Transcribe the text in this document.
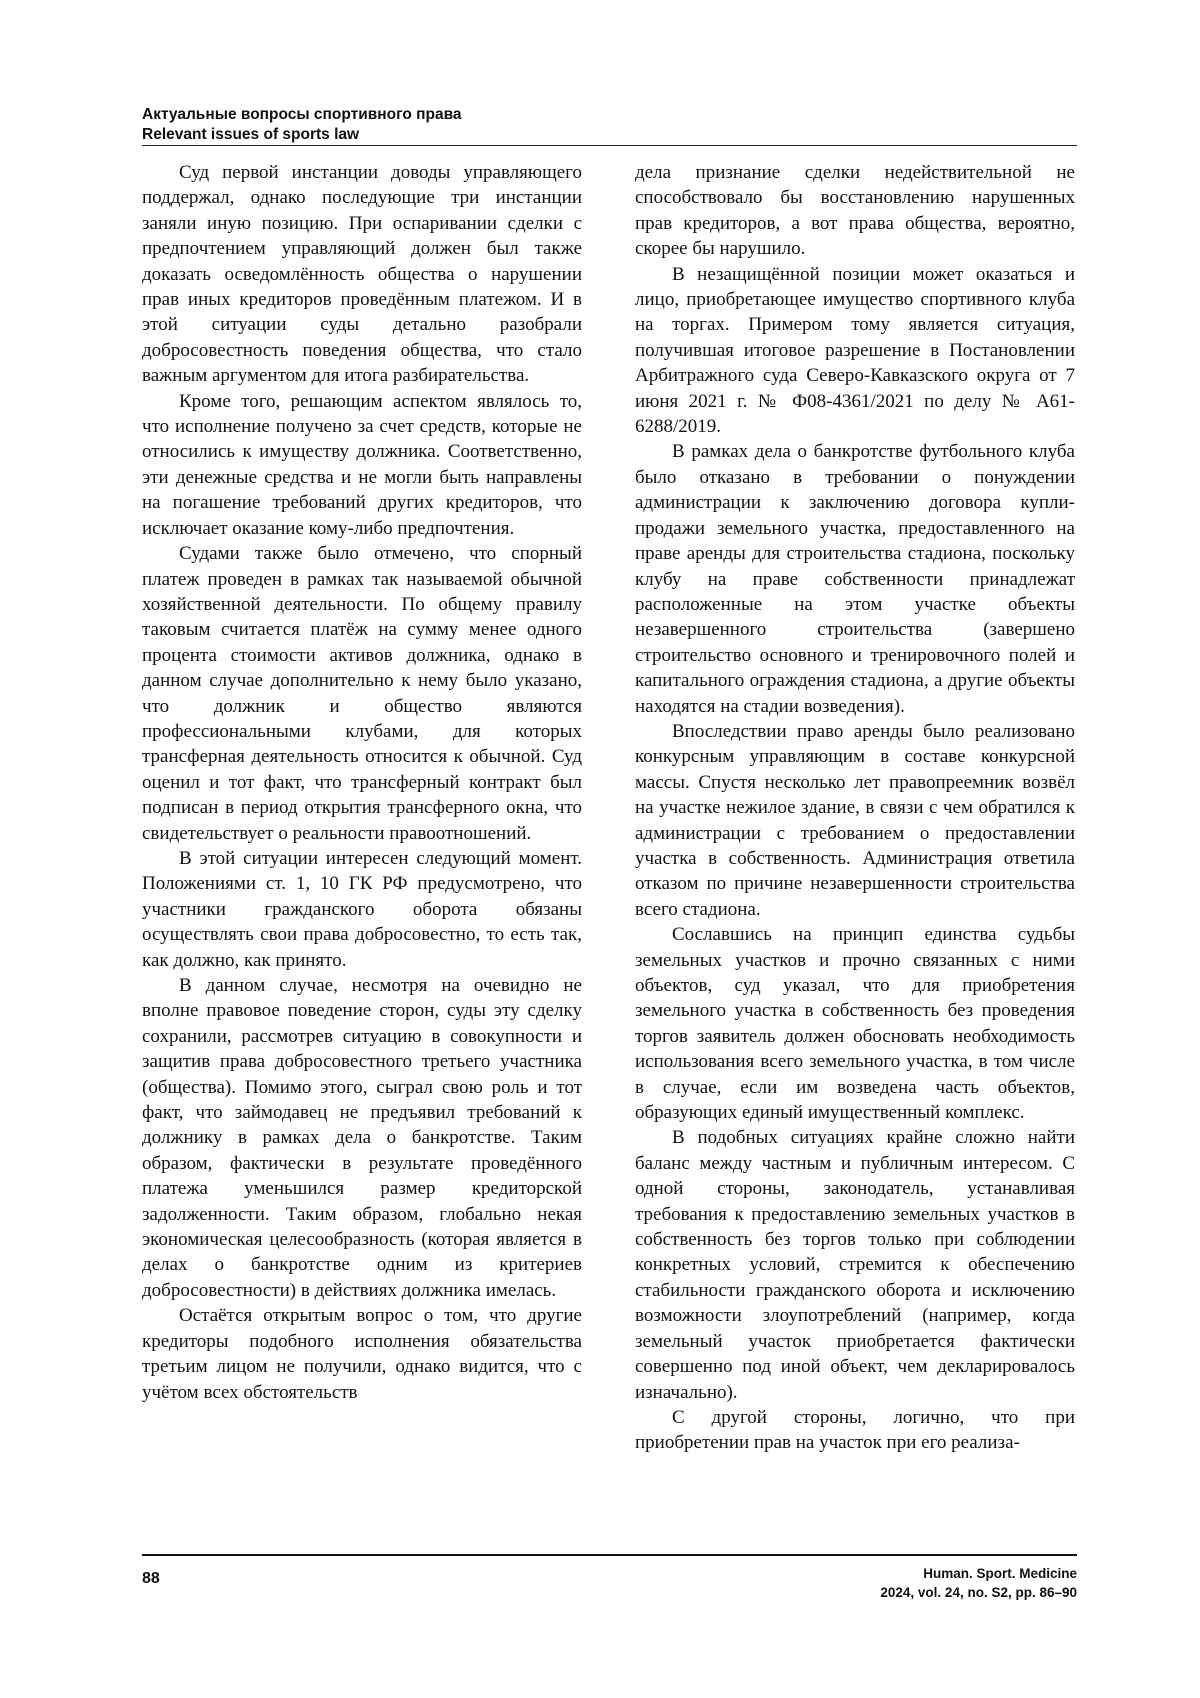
Актуальные вопросы спортивного права
Relevant issues of sports law

Суд первой инстанции доводы управляющего поддержал, однако последующие три инстанции заняли иную позицию. При оспаривании сделки с предпочтением управляющий должен был также доказать осведомлённость общества о нарушении прав иных кредиторов проведённым платежом. И в этой ситуации суды детально разобрали добросовестность поведения общества, что стало важным аргументом для итога разбирательства.

Кроме того, решающим аспектом являлось то, что исполнение получено за счет средств, которые не относились к имуществу должника. Соответственно, эти денежные средства и не могли быть направлены на погашение требований других кредиторов, что исключает оказание кому-либо предпочтения.

Судами также было отмечено, что спорный платеж проведен в рамках так называемой обычной хозяйственной деятельности. По общему правилу таковым считается платёж на сумму менее одного процента стоимости активов должника, однако в данном случае дополнительно к нему было указано, что должник и общество являются профессиональными клубами, для которых трансферная деятельность относится к обычной. Суд оценил и тот факт, что трансферный контракт был подписан в период открытия трансферного окна, что свидетельствует о реальности правоотношений.

В этой ситуации интересен следующий момент. Положениями ст. 1, 10 ГК РФ предусмотрено, что участники гражданского оборота обязаны осуществлять свои права добросовестно, то есть так, как должно, как принято.

В данном случае, несмотря на очевидно не вполне правовое поведение сторон, суды эту сделку сохранили, рассмотрев ситуацию в совокупности и защитив права добросовестного третьего участника (общества). Помимо этого, сыграл свою роль и тот факт, что займодавец не предъявил требований к должнику в рамках дела о банкротстве. Таким образом, фактически в результате проведённого платежа уменьшился размер кредиторской задолженности. Таким образом, глобально некая экономическая целесообразность (которая является в делах о банкротстве одним из критериев добросовестности) в действиях должника имелась.

Остаётся открытым вопрос о том, что другие кредиторы подобного исполнения обязательства третьим лицом не получили, однако видится, что с учётом всех обстоятельств

дела признание сделки недействительной не способствовало бы восстановлению нарушенных прав кредиторов, а вот права общества, вероятно, скорее бы нарушило.

В незащищённой позиции может оказаться и лицо, приобретающее имущество спортивного клуба на торгах. Примером тому является ситуация, получившая итоговое разрешение в Постановлении Арбитражного суда Северо-Кавказского округа от 7 июня 2021 г. № Ф08-4361/2021 по делу № А61-6288/2019.

В рамках дела о банкротстве футбольного клуба было отказано в требовании о понуждении администрации к заключению договора купли-продажи земельного участка, предоставленного на праве аренды для строительства стадиона, поскольку клубу на праве собственности принадлежат расположенные на этом участке объекты незавершенного строительства (завершено строительство основного и тренировочного полей и капитального ограждения стадиона, а другие объекты находятся на стадии возведения).

Впоследствии право аренды было реализовано конкурсным управляющим в составе конкурсной массы. Спустя несколько лет правопреемник возвёл на участке нежилое здание, в связи с чем обратился к администрации с требованием о предоставлении участка в собственность. Администрация ответила отказом по причине незавершенности строительства всего стадиона.

Сославшись на принцип единства судьбы земельных участков и прочно связанных с ними объектов, суд указал, что для приобретения земельного участка в собственность без проведения торгов заявитель должен обосновать необходимость использования всего земельного участка, в том числе в случае, если им возведена часть объектов, образующих единый имущественный комплекс.

В подобных ситуациях крайне сложно найти баланс между частным и публичным интересом. С одной стороны, законодатель, устанавливая требования к предоставлению земельных участков в собственность без торгов только при соблюдении конкретных условий, стремится к обеспечению стабильности гражданского оборота и исключению возможности злоупотреблений (например, когда земельный участок приобретается фактически совершенно под иной объект, чем декларировалось изначально).

С другой стороны, логично, что при приобретении прав на участок при его реализа-

88	Human. Sport. Medicine
2024, vol. 24, no. S2, pp. 86–90
